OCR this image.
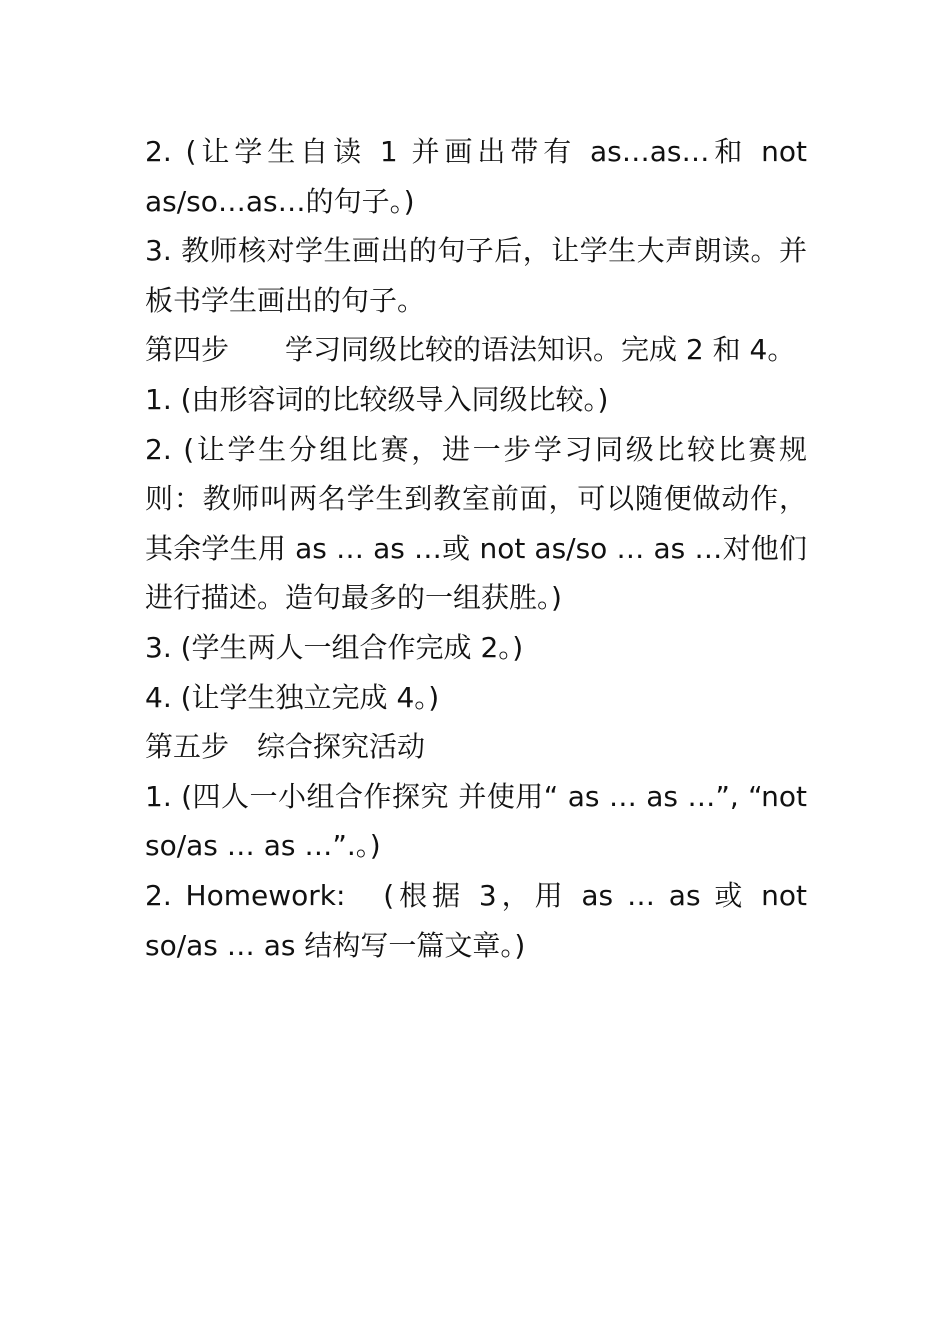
2. (让学生自读 1 并画出带有 as…as…和 not as/so…as…的句子。)

3. 教师核对学生画出的句子后，让学生大声朗读。并板书学生画出的句子。

第四步　　学习同级比较的语法知识。完成 2 和 4。

1. (由形容词的比较级导入同级比较。)

2. (让学生分组比赛，进一步学习同级比较比赛规则：教师叫两名学生到教室前面，可以随便做动作，其余学生用 as … as …或 not as/so … as …对他们进行描述。造句最多的一组获胜。)

3. (学生两人一组合作完成 2。)

4. (让学生独立完成 4。)

第五步　综合探究活动

1. (四人一小组合作探究 并使用“ as … as …”, “not so/as … as …”.。)

2. Homework:　(根据 3，用 as … as 或 not so/as … as 结构写一篇文章。)
